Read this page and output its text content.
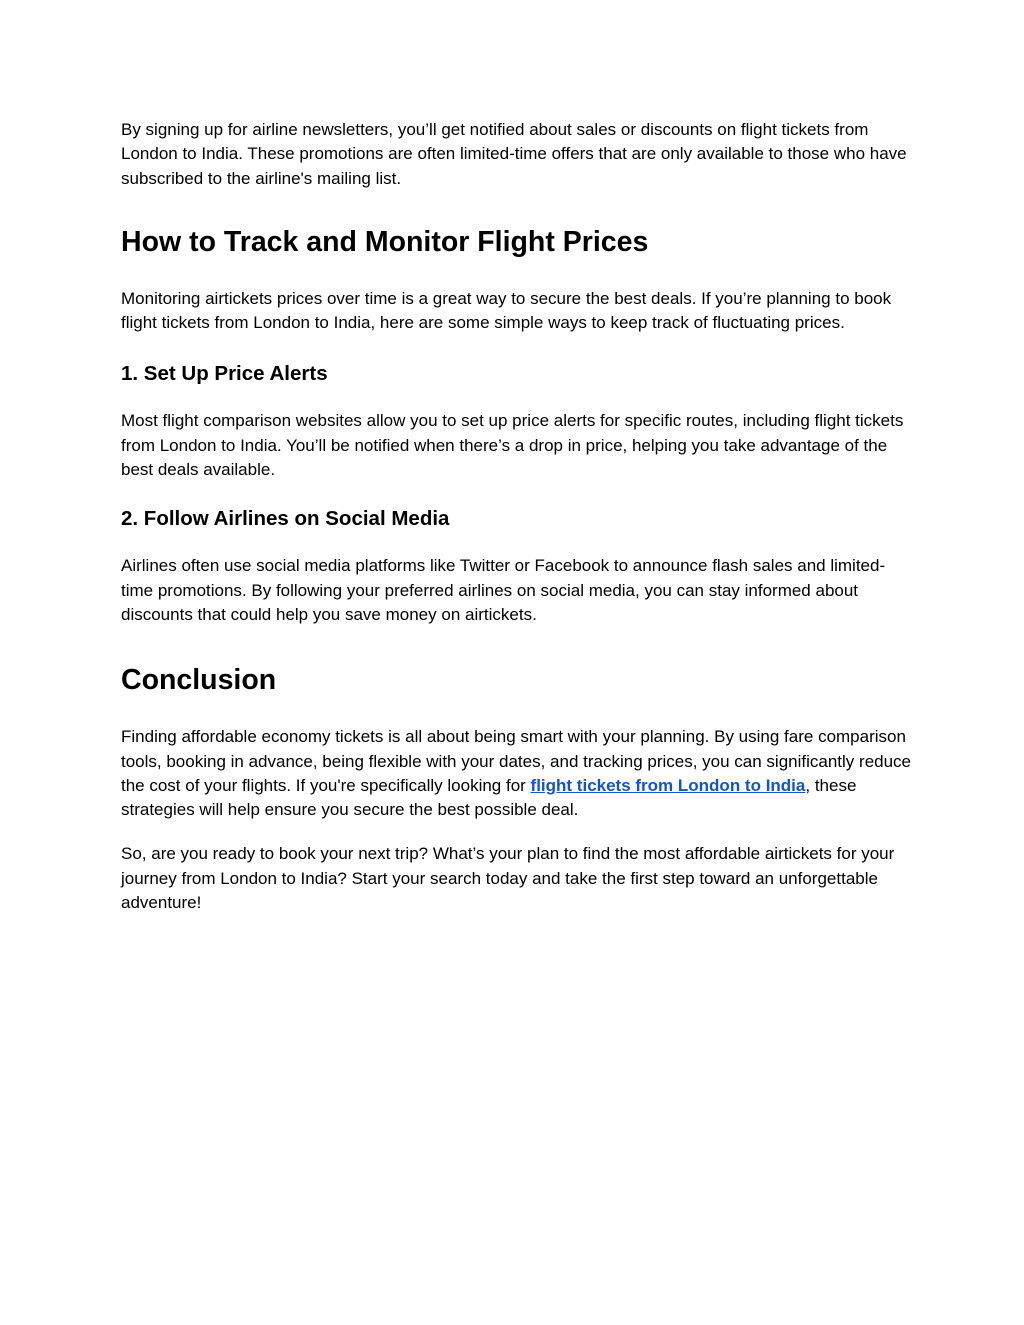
By signing up for airline newsletters, you’ll get notified about sales or discounts on flight tickets from London to India. These promotions are often limited-time offers that are only available to those who have subscribed to the airline's mailing list.

How to Track and Monitor Flight Prices

Monitoring airtickets prices over time is a great way to secure the best deals. If you’re planning to book flight tickets from London to India, here are some simple ways to keep track of fluctuating prices.

1. Set Up Price Alerts

Most flight comparison websites allow you to set up price alerts for specific routes, including flight tickets from London to India. You’ll be notified when there’s a drop in price, helping you take advantage of the best deals available.

2. Follow Airlines on Social Media

Airlines often use social media platforms like Twitter or Facebook to announce flash sales and limited-time promotions. By following your preferred airlines on social media, you can stay informed about discounts that could help you save money on airtickets.

Conclusion

Finding affordable economy tickets is all about being smart with your planning. By using fare comparison tools, booking in advance, being flexible with your dates, and tracking prices, you can significantly reduce the cost of your flights. If you're specifically looking for flight tickets from London to India, these strategies will help ensure you secure the best possible deal.

So, are you ready to book your next trip? What’s your plan to find the most affordable airtickets for your journey from London to India? Start your search today and take the first step toward an unforgettable adventure!
